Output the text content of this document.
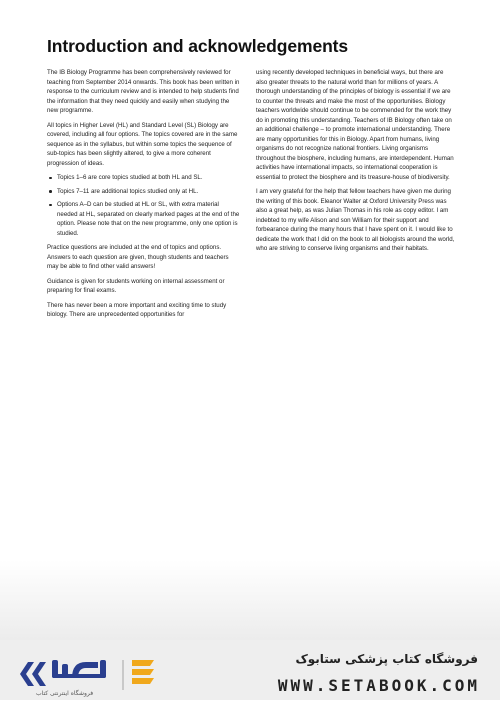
Introduction and acknowledgements

The IB Biology Programme has been comprehensively reviewed for teaching from September 2014 onwards. This book has been written in response to the curriculum review and is intended to help students find the information that they need quickly and easily when studying the new programme.

All topics in Higher Level (HL) and Standard Level (SL) Biology are covered, including all four options. The topics covered are in the same sequence as in the syllabus, but within some topics the sequence of sub-topics has been slightly altered, to give a more coherent progression of ideas.

Topics 1–6 are core topics studied at both HL and SL.
Topics 7–11 are additional topics studied only at HL.
Options A–D can be studied at HL or SL, with extra material needed at HL, separated on clearly marked pages at the end of the option. Please note that on the new programme, only one option is studied.

Practice questions are included at the end of topics and options. Answers to each question are given, though students and teachers may be able to find other valid answers!

Guidance is given for students working on internal assessment or preparing for final exams.

There has never been a more important and exciting time to study biology. There are unprecedented opportunities for

using recently developed techniques in beneficial ways, but there are also greater threats to the natural world than for millions of years. A thorough understanding of the principles of biology is essential if we are to counter the threats and make the most of the opportunities. Biology teachers worldwide should continue to be commended for the work they do in promoting this understanding. Teachers of IB Biology often take on an additional challenge – to promote international understanding. There are many opportunities for this in Biology. Apart from humans, living organisms do not recognize national frontiers. Living organisms throughout the biosphere, including humans, are interdependent. Human activities have international impacts, so international cooperation is essential to protect the biosphere and its treasure-house of biodiversity.

I am very grateful for the help that fellow teachers have given me during the writing of this book. Eleanor Walter at Oxford University Press was also a great help, as was Julian Thomas in his role as copy editor. I am indebted to my wife Alison and son William for their support and forbearance during the many hours that I have spent on it. I would like to dedicate the work that I did on the book to all biologists around the world, who are striving to conserve living organisms and their habitats.

فروشگاه اینترنتی کتاب
فروشگاه کتاب پزشکی ستابوک
WWW.SETABOOK.COM
